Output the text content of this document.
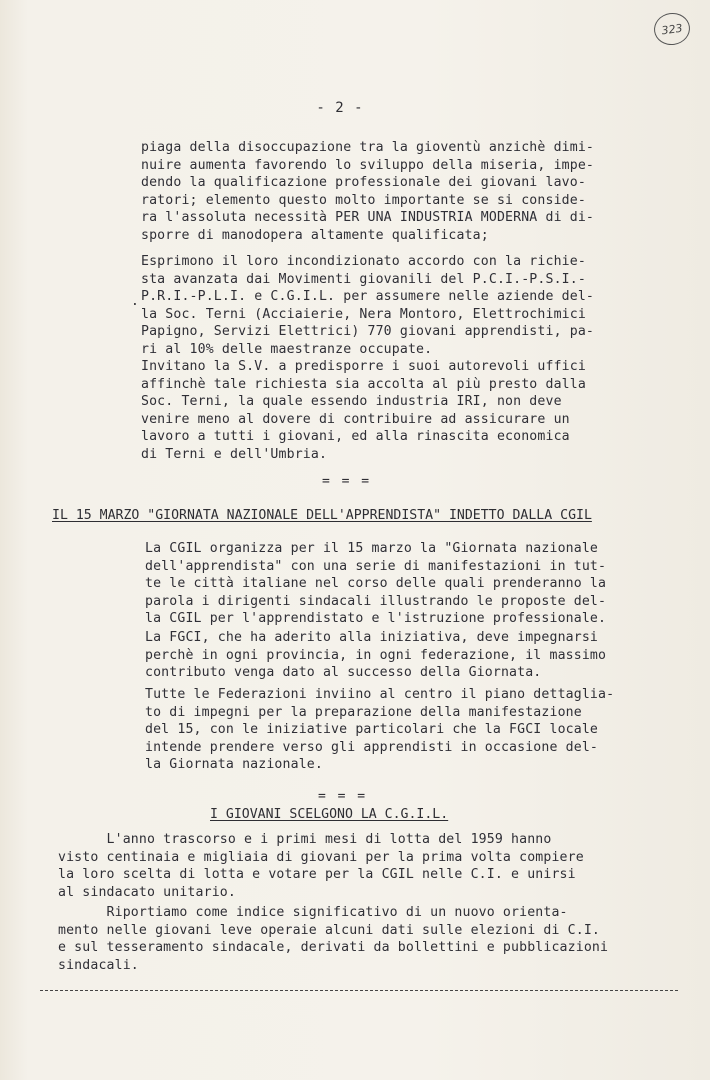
323
- 2 -

piaga della disoccupazione tra la gioventù anzichè dimi-
nuire aumenta favorendo lo sviluppo della miseria, impe-
dendo la qualificazione professionale dei giovani lavo-
ratori; elemento questo molto importante se si conside-
ra l'assoluta necessità PER UNA INDUSTRIA MODERNA di di-
sporre di manodopera altamente qualificata;

.

Esprimono il loro incondizionato accordo con la richie-
sta avanzata dai Movimenti giovanili del P.C.I.-P.S.I.-
P.R.I.-P.L.I. e C.G.I.L. per assumere nelle aziende del-
la Soc. Terni (Acciaierie, Nera Montoro, Elettrochimici
Papigno, Servizi Elettrici) 770 giovani apprendisti, pa-
ri al 10% delle maestranze occupate.

Invitano la S.V. a predisporre i suoi autorevoli uffici
affinchè tale richiesta sia accolta al più presto dalla
Soc. Terni, la quale essendo industria IRI, non deve
venire meno al dovere di contribuire ad assicurare un
lavoro a tutti i giovani, ed alla rinascita economica
di Terni e dell'Umbria.

= = =
IL 15 MARZO "GIORNATA NAZIONALE DELL'APPRENDISTA" INDETTO DALLA CGIL

La CGIL organizza per il 15 marzo la "Giornata nazionale
dell'apprendista" con una serie di manifestazioni in tut-
te le città italiane nel corso delle quali prenderanno la
parola i dirigenti sindacali illustrando le proposte del-
la CGIL per l'apprendistato e l'istruzione professionale.

La FGCI, che ha aderito alla iniziativa, deve impegnarsi
perchè in ogni provincia, in ogni federazione, il massimo
contributo venga dato al successo della Giornata.

Tutte le Federazioni inviino al centro il piano dettaglia-
to di impegni per la preparazione della manifestazione
del 15, con le iniziative particolari che la FGCI locale
intende prendere verso gli apprendisti in occasione del-
la Giornata nazionale.

= = =
I GIOVANI SCELGONO LA C.G.I.L.

L'anno trascorso e i primi mesi di lotta del 1959 hanno
visto centinaia e migliaia di giovani per la prima volta compiere
la loro scelta di lotta e votare per la CGIL nelle C.I. e unirsi
al sindacato unitario.

Riportiamo come indice significativo di un nuovo orienta-
mento nelle giovani leve operaie alcuni dati sulle elezioni di C.I.
e sul tesseramento sindacale, derivati da bollettini e pubblicazioni
sindacali.
